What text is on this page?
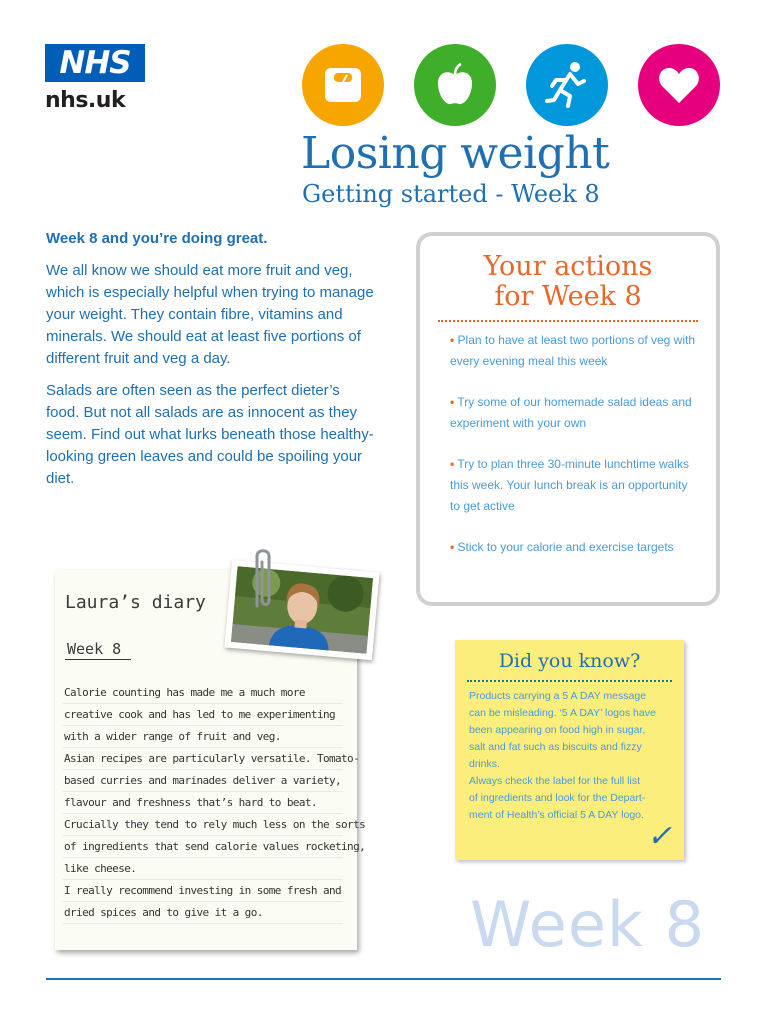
NHS
nhs.uk
Losing weight
Getting started - Week 8

Week 8 and you’re doing great.

We all know we should eat more fruit and veg, which is especially helpful when trying to manage your weight. They contain fibre, vitamins and minerals. We should eat at least five portions of different fruit and veg a day.

Salads are often seen as the perfect dieter’s food. But not all salads are as innocent as they seem. Find out what lurks beneath those healthy-looking green leaves and could be spoiling your diet.

Your actions
for Week 8
• Plan to have at least two portions of veg with every evening meal this week
• Try some of our homemade salad ideas and experiment with your own
• Try to plan three 30-minute lunchtime walks this week. Your lunch break is an opportunity to get active
• Stick to your calorie and exercise targets
Laura’s diary
Week 8
Calorie counting has made me a much more
creative cook and has led to me experimenting
with a wider range of fruit and veg.
Asian recipes are particularly versatile. Tomato-
based curries and marinades deliver a variety,
flavour and freshness that’s hard to beat.
Crucially they tend to rely much less on the sorts
of ingredients that send calorie values rocketing,
like cheese.
I really recommend investing in some fresh and
dried spices and to give it a go.
Did you know?
Products carrying a 5 A DAY message
can be misleading. ‘5 A DAY’ logos have
been appearing on food high in sugar,
salt and fat such as biscuits and fizzy
drinks.
Always check the label for the full list
of ingredients and look for the Depart-
ment of Health’s official 5 A DAY logo.
✓
Week 8
